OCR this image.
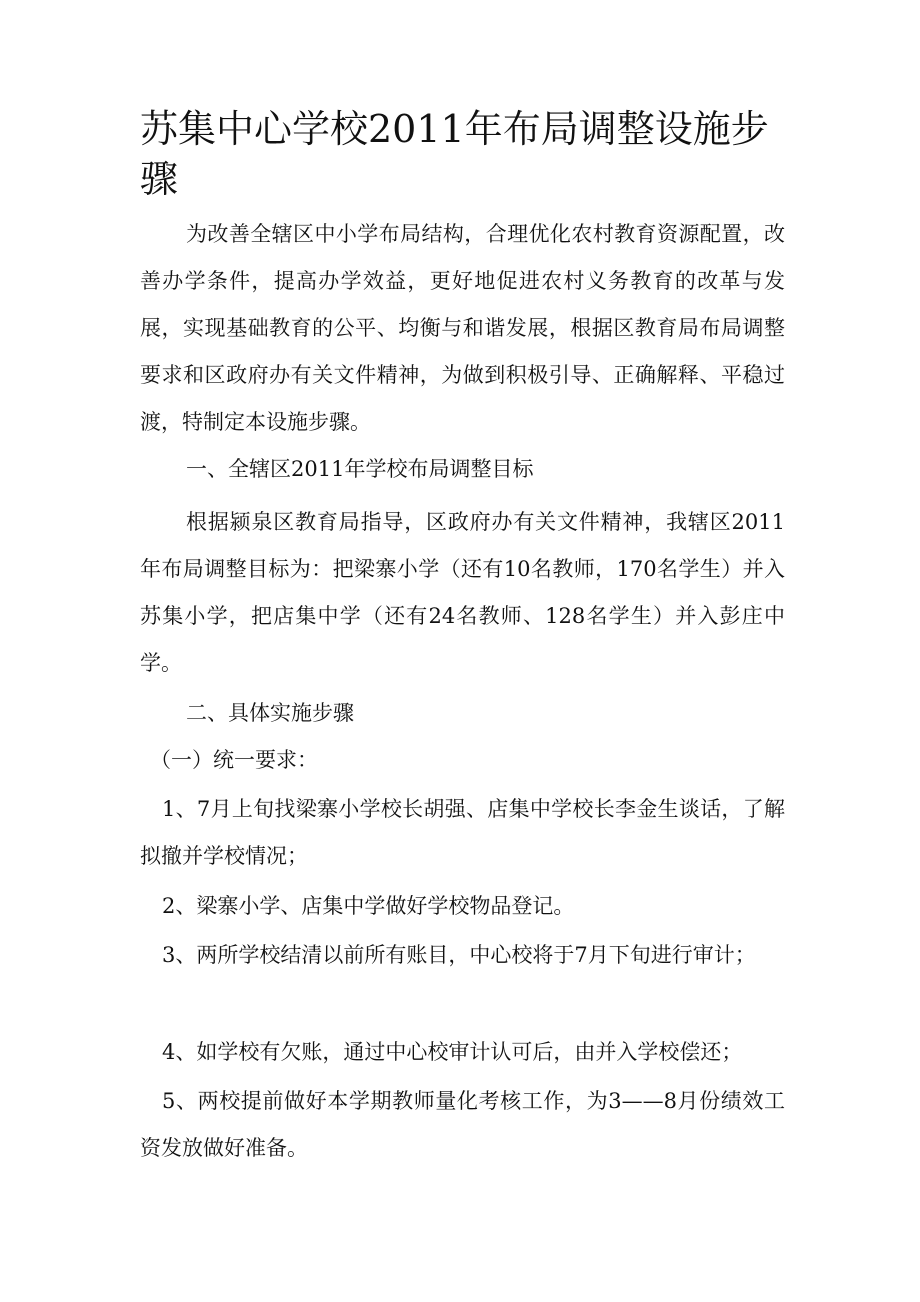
苏集中心学校2011年布局调整设施步骤

为改善全辖区中小学布局结构，合理优化农村教育资源配置，改善办学条件，提高办学效益，更好地促进农村义务教育的改革与发展，实现基础教育的公平、均衡与和谐发展，根据区教育局布局调整要求和区政府办有关文件精神，为做到积极引导、正确解释、平稳过渡，特制定本设施步骤。

一、全辖区2011年学校布局调整目标

根据颍泉区教育局指导，区政府办有关文件精神，我辖区2011年布局调整目标为：把梁寨小学（还有10名教师，170名学生）并入苏集小学，把店集中学（还有24名教师、128名学生）并入彭庄中学。

二、具体实施步骤

（一）统一要求：

1、7月上旬找梁寨小学校长胡强、店集中学校长李金生谈话，了解拟撤并学校情况；

2、梁寨小学、店集中学做好学校物品登记。

3、两所学校结清以前所有账目，中心校将于7月下旬进行审计；

4、如学校有欠账，通过中心校审计认可后，由并入学校偿还；

5、两校提前做好本学期教师量化考核工作，为3——8月份绩效工资发放做好准备。
